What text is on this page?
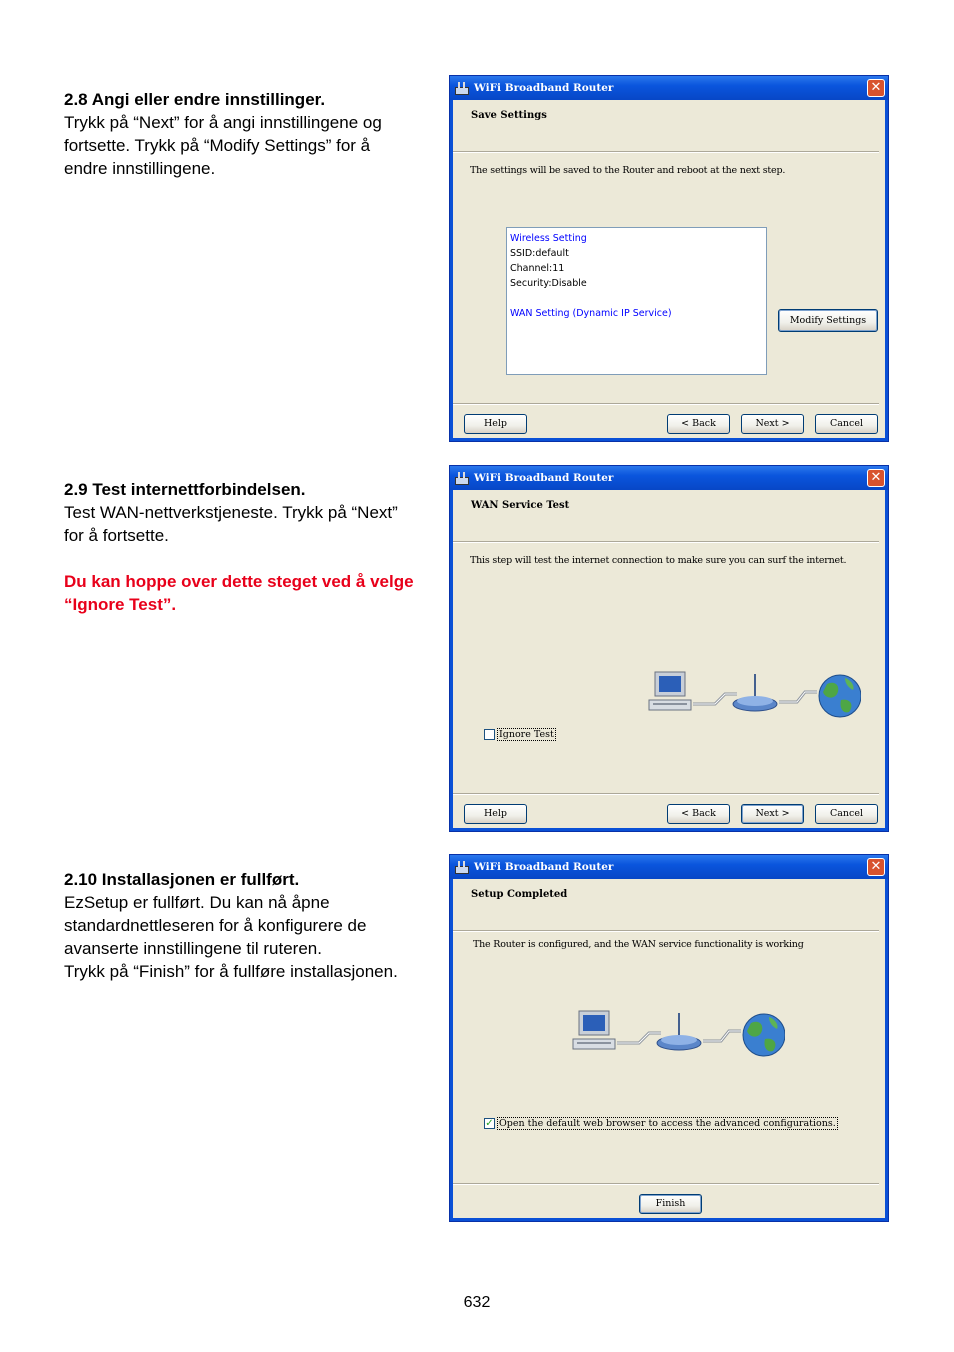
2.8 Angi eller endre innstillinger.
Trykk på “Next” for å angi innstillingene og
fortsette. Trykk på “Modify Settings” for å
endre innstillingene.
WiFi Broadband Router	✕
Save Settings
The settings will be saved to the Router and reboot at the next step.
Wireless Setting
SSID:default
Channel:11
Security:Disable
WAN Setting (Dynamic IP Service)
Modify Settings
Help	< Back	Next >	Cancel
2.9 Test internettforbindelsen.
Test WAN-nettverkstjeneste. Trykk på “Next”
for å fortsette.
Du kan hoppe over dette steget ved å velge
“Ignore Test”.
WiFi Broadband Router	✕
WAN Service Test
This step will test the internet connection to make sure you can surf the internet.
Ignore Test
Help	< Back	Next >	Cancel
2.10 Installasjonen er fullført.
EzSetup er fullført. Du kan nå åpne
standardnettleseren for å konfigurere de
avanserte innstillingene til ruteren.
Trykk på “Finish” for å fullføre installasjonen.
WiFi Broadband Router	✕
Setup Completed
The Router is configured, and the WAN service functionality is working
✓ Open the default web browser to access the advanced configurations.
Finish
632
